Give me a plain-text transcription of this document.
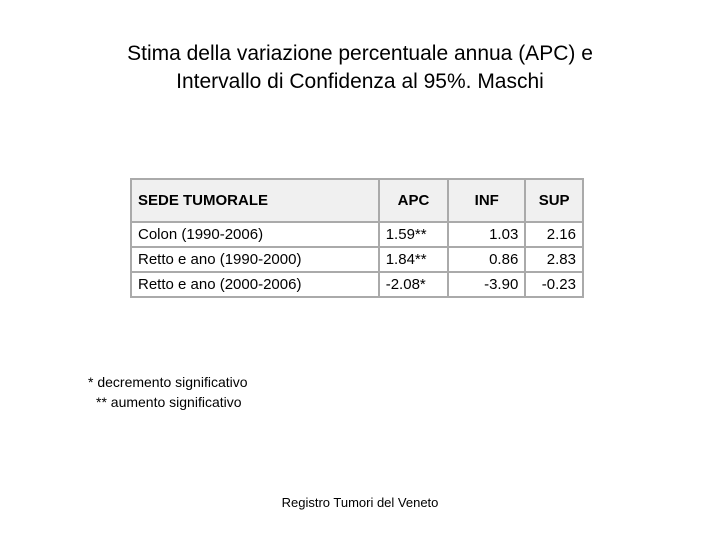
Stima della variazione percentuale annua (APC) e
Intervallo di Confidenza al 95%. Maschi
SEDE TUMORALE	APC	INF	SUP
Colon (1990-2006)	1.59**	1.03	2.16
Retto e ano (1990-2000)	1.84**	0.86	2.83
Retto e ano (2000-2006)	-2.08*	-3.90	-0.23
* decremento significativo
** aumento significativo
Registro Tumori del Veneto
